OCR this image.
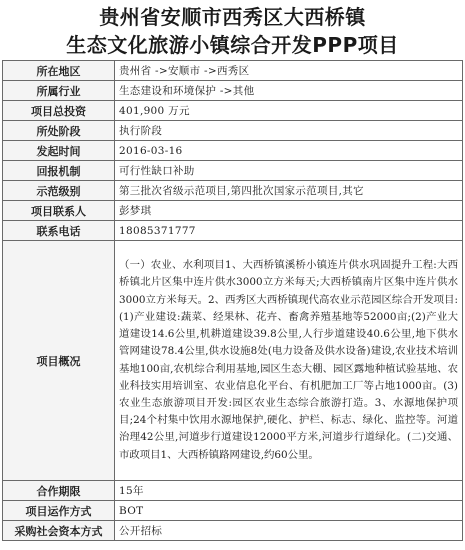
贵州省安顺市西秀区大西桥镇
生态文化旅游小镇综合开发PPP项目
所在地区	贵州省 ->安顺市 ->西秀区
所属行业	生态建设和环境保护 ->其他
项目总投资	401,900 万元
所处阶段	执行阶段
发起时间	2016-03-16
回报机制	可行性缺口补助
示范级别	第三批次省级示范项目,第四批次国家示范项目,其它
项目联系人	彭梦琪
联系电话	18085371777
项目概况	（一）农业、水利项目1、大西桥镇溪桥小镇连片供水巩固提升工程:大西桥镇北片区集中连片供水3000立方米每天;大西桥镇南片区集中连片供水3000立方米每天。2、西秀区大西桥镇现代高农业示范园区综合开发项目:(1)产业建设:蔬菜、经果林、花卉、畜禽养殖基地等52000亩;(2)产业大道建设14.6公里,机耕道建设39.8公里,人行步道建设40.6公里,地下供水管网建设78.4公里,供水设施8处(电力设备及供水设备)建设,农业技术培训基地100亩,农机综合利用基地,园区生态大棚、园区露地种植试验基地、农业科技实用培训室、农业信息化平台、有机肥加工厂等占地1000亩。(3)农业生态旅游项目开发:园区农业生态综合旅游打造。3、水源地保护项目;24个村集中饮用水源地保护,硬化、护栏、标志、绿化、监控等。河道治理42公里,河道步行道建设12000平方米,河道步行道绿化。(二)交通、市政项目1、大西桥镇路网建设,约60公里。
合作期限	15年
项目运作方式	BOT
采购社会资本方式	公开招标
